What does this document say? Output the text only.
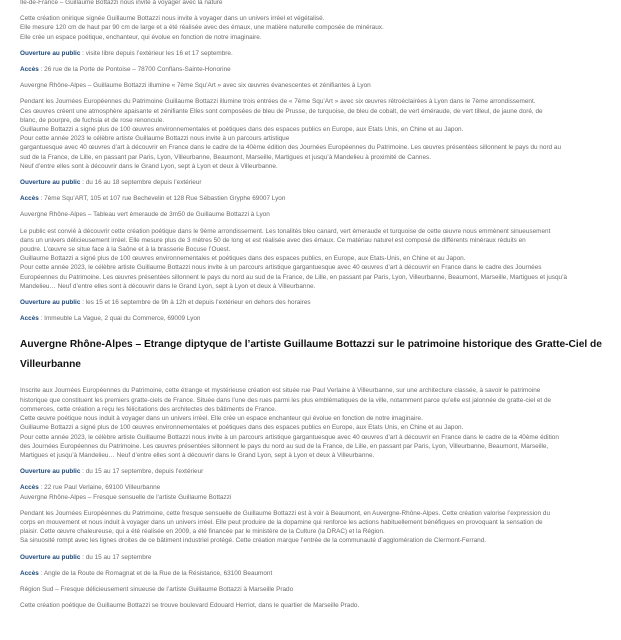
Ile-de-France – Guillaume Bottazzi nous invite à voyager avec la nature

Cette création onirique signée Guillaume Bottazzi nous invite à voyager dans un univers irréel et végétalisé.

Elle mesure 120 cm de haut par 90 cm de large et a été réalisée avec des émaux, une matière naturelle composée de minéraux.

Elle crée un espace poétique, enchanteur, qui évolue en fonction de notre imaginaire.

Ouverture au public : visite libre depuis l’extérieur les 16 et 17 septembre.

Accès : 26 rue de la Porte de Pontoise – 78700 Conflans-Sainte-Honorine

Auvergne Rhône-Alpes – Guillaume Bottazzi illumine « 7ème Squ’Art » avec six œuvres évanescentes et zénifiantes à Lyon

Pendant les Journées Européennes du Patrimoine Guillaume Bottazzi illumine trois entrées de « 7ème Squ’Art » avec six œuvres rétroéclairées à Lyon dans le 7ème arrondissement.

Ces œuvres créent une atmosphère apaisante et zénifiante Elles sont composées de bleu de Prusse, de turquoise, de bleu de cobalt, de vert éméraude, de vert tilleul, de jaune doré, de

blanc, de pourpre, de fuchsia et de rose renoncule.

Guillaume Bottazzi a signé plus de 100 œuvres environnementales et poétiques dans des espaces publics en Europe, aux Etats Unis, en Chine et au Japon.

Pour cette année 2023 le célèbre artiste Guillaume Bottazzi nous invite à un parcours artistique

gargantuesque avec 40 œuvres d’art à découvrir en France dans le cadre de la 40ème édition des Journées Européennes du Patrimoine. Les œuvres présentées sillonnent le pays du nord au

sud de la France, de Lille, en passant par Paris, Lyon, Villeurbanne, Beaumont, Marseille, Martigues et jusqu’à Mandelieu à proximité de Cannes.

Neuf d’entre elles sont à découvrir dans le Grand Lyon, sept à Lyon et deux à Villeurbanne.

Ouverture au public : du 16 au 18 septembre depuis l’extérieur

Accès : 7ème Squ’ART, 105 et 107 rue Bechevelin et 128 Rue Sébastien Gryphe 69007 Lyon

Auvergne Rhône-Alpes – Tableau vert émeraude de 3m50 de Guillaume Bottazzi à Lyon

Le public est convié à découvrir cette création poétique dans le 9ème arrondissement. Les tonalités bleu canard, vert émeraude et turquoise de cette œuvre nous emmènent sinueusement

dans un univers délicieusement irréel. Elle mesure plus de 3 mètres 50 de long et est réalisée avec des émaux. Ce matériau naturel est composé de différents minéraux réduits en

poudre. L’œuvre se situe face à la Saône et à la brasserie Bocuse l’Ouest.

Guillaume Bottazzi a signé plus de 100 œuvres environnementales et poétiques dans des espaces publics, en Europe, aux Etats-Unis, en Chine et au Japon.

Pour cette année 2023, le célèbre artiste Guillaume Bottazzi nous invite à un parcours artistique gargantuesque avec 40 œuvres d’art à découvrir en France dans le cadre des Journées

Européennes du Patrimoine. Les œuvres présentées sillonnent le pays du nord au sud de la France, de Lille, en passant par Paris, Lyon, Villeurbanne, Beaumont, Marseille, Martigues et jusqu’à

Mandelieu… Neuf d’entre elles sont à découvrir dans le Grand Lyon, sept à Lyon et deux à Villeurbanne.

Ouverture au public : les 15 et 16 septembre de 9h à 12h et depuis l’extérieur en dehors des horaires

Accès : Immeuble La Vague, 2 quai du Commerce, 69009 Lyon

Auvergne Rhône-Alpes – Etrange diptyque de l’artiste Guillaume Bottazzi sur le patrimoine historique des Gratte-Ciel de Villeurbanne

Inscrite aux Journées Européennes du Patrimoine, cette étrange et mystérieuse création est située rue Paul Verlaine à Villeurbanne, sur une architecture classée, à savoir le patrimoine

historique que constituent les premiers gratte-ciels de France. Située dans l’une des rues parmi les plus emblématiques de la ville, notamment parce qu’elle est jalonnée de gratte-ciel et de

commerces, cette création a reçu les félicitations des architectes des bâtiments de France.

Cette œuvre poétique nous induit à voyager dans un univers irréel. Elle crée un espace enchanteur qui évolue en fonction de notre imaginaire.

Guillaume Bottazzi a signé plus de 100 œuvres environnementales et poétiques dans des espaces publics en Europe, aux Etats Unis, en Chine et au Japon.

Pour cette année 2023, le célèbre artiste Guillaume Bottazzi nous invite à un parcours artistique gargantuesque avec 40 œuvres d’art à découvrir en France dans le cadre de la 40ème édition

des Journées Européennes du Patrimoine. Les œuvres présentées sillonnent le pays du nord au sud de la France, de Lille, en passant par Paris, Lyon, Villeurbanne, Beaumont, Marseille,

Martigues et jusqu’à Mandelieu… Neuf d’entre elles sont à découvrir dans le Grand Lyon, sept à Lyon et deux à Villeurbanne.

Ouverture au public : du 15 au 17 septembre, depuis l’extérieur

Accès : 22 rue Paul Verlaine, 69100 Villeurbanne

Auvergne Rhône-Alpes – Fresque sensuelle de l’artiste Guillaume Bottazzi

Pendant les Journées Européennes du Patrimoine, cette fresque sensuelle de Guillaume Bottazzi est à voir à Beaumont, en Auvergne-Rhône-Alpes. Cette création valorise l’expression du

corps en mouvement et nous induit à voyager dans un univers irréel. Elle peut produire de la dopamine qui renforce les actions habituellement bénéfiques en provoquant la sensation de

plaisir. Cette œuvre chaleureuse, qui a été réalisée en 2009, a été financée par le ministère de la Culture (la DRAC) et la Région.

Sa sinuosité rompt avec les lignes droites de ce bâtiment industriel protégé. Cette création marque l’entrée de la communauté d’agglomération de Clermont-Ferrand.

Ouverture au public : du 15 au 17 septembre

Accès : Angle de la Route de Romagnat et de la Rue de la Résistance, 63100 Beaumont

Région Sud – Fresque délicieusement sinueuse de l’artiste Guillaume Bottazzi à Marseille Prado

Cette création poétique de Guillaume Bottazzi se trouve boulevard Edouard Herriot, dans le quartier de Marseille Prado.
